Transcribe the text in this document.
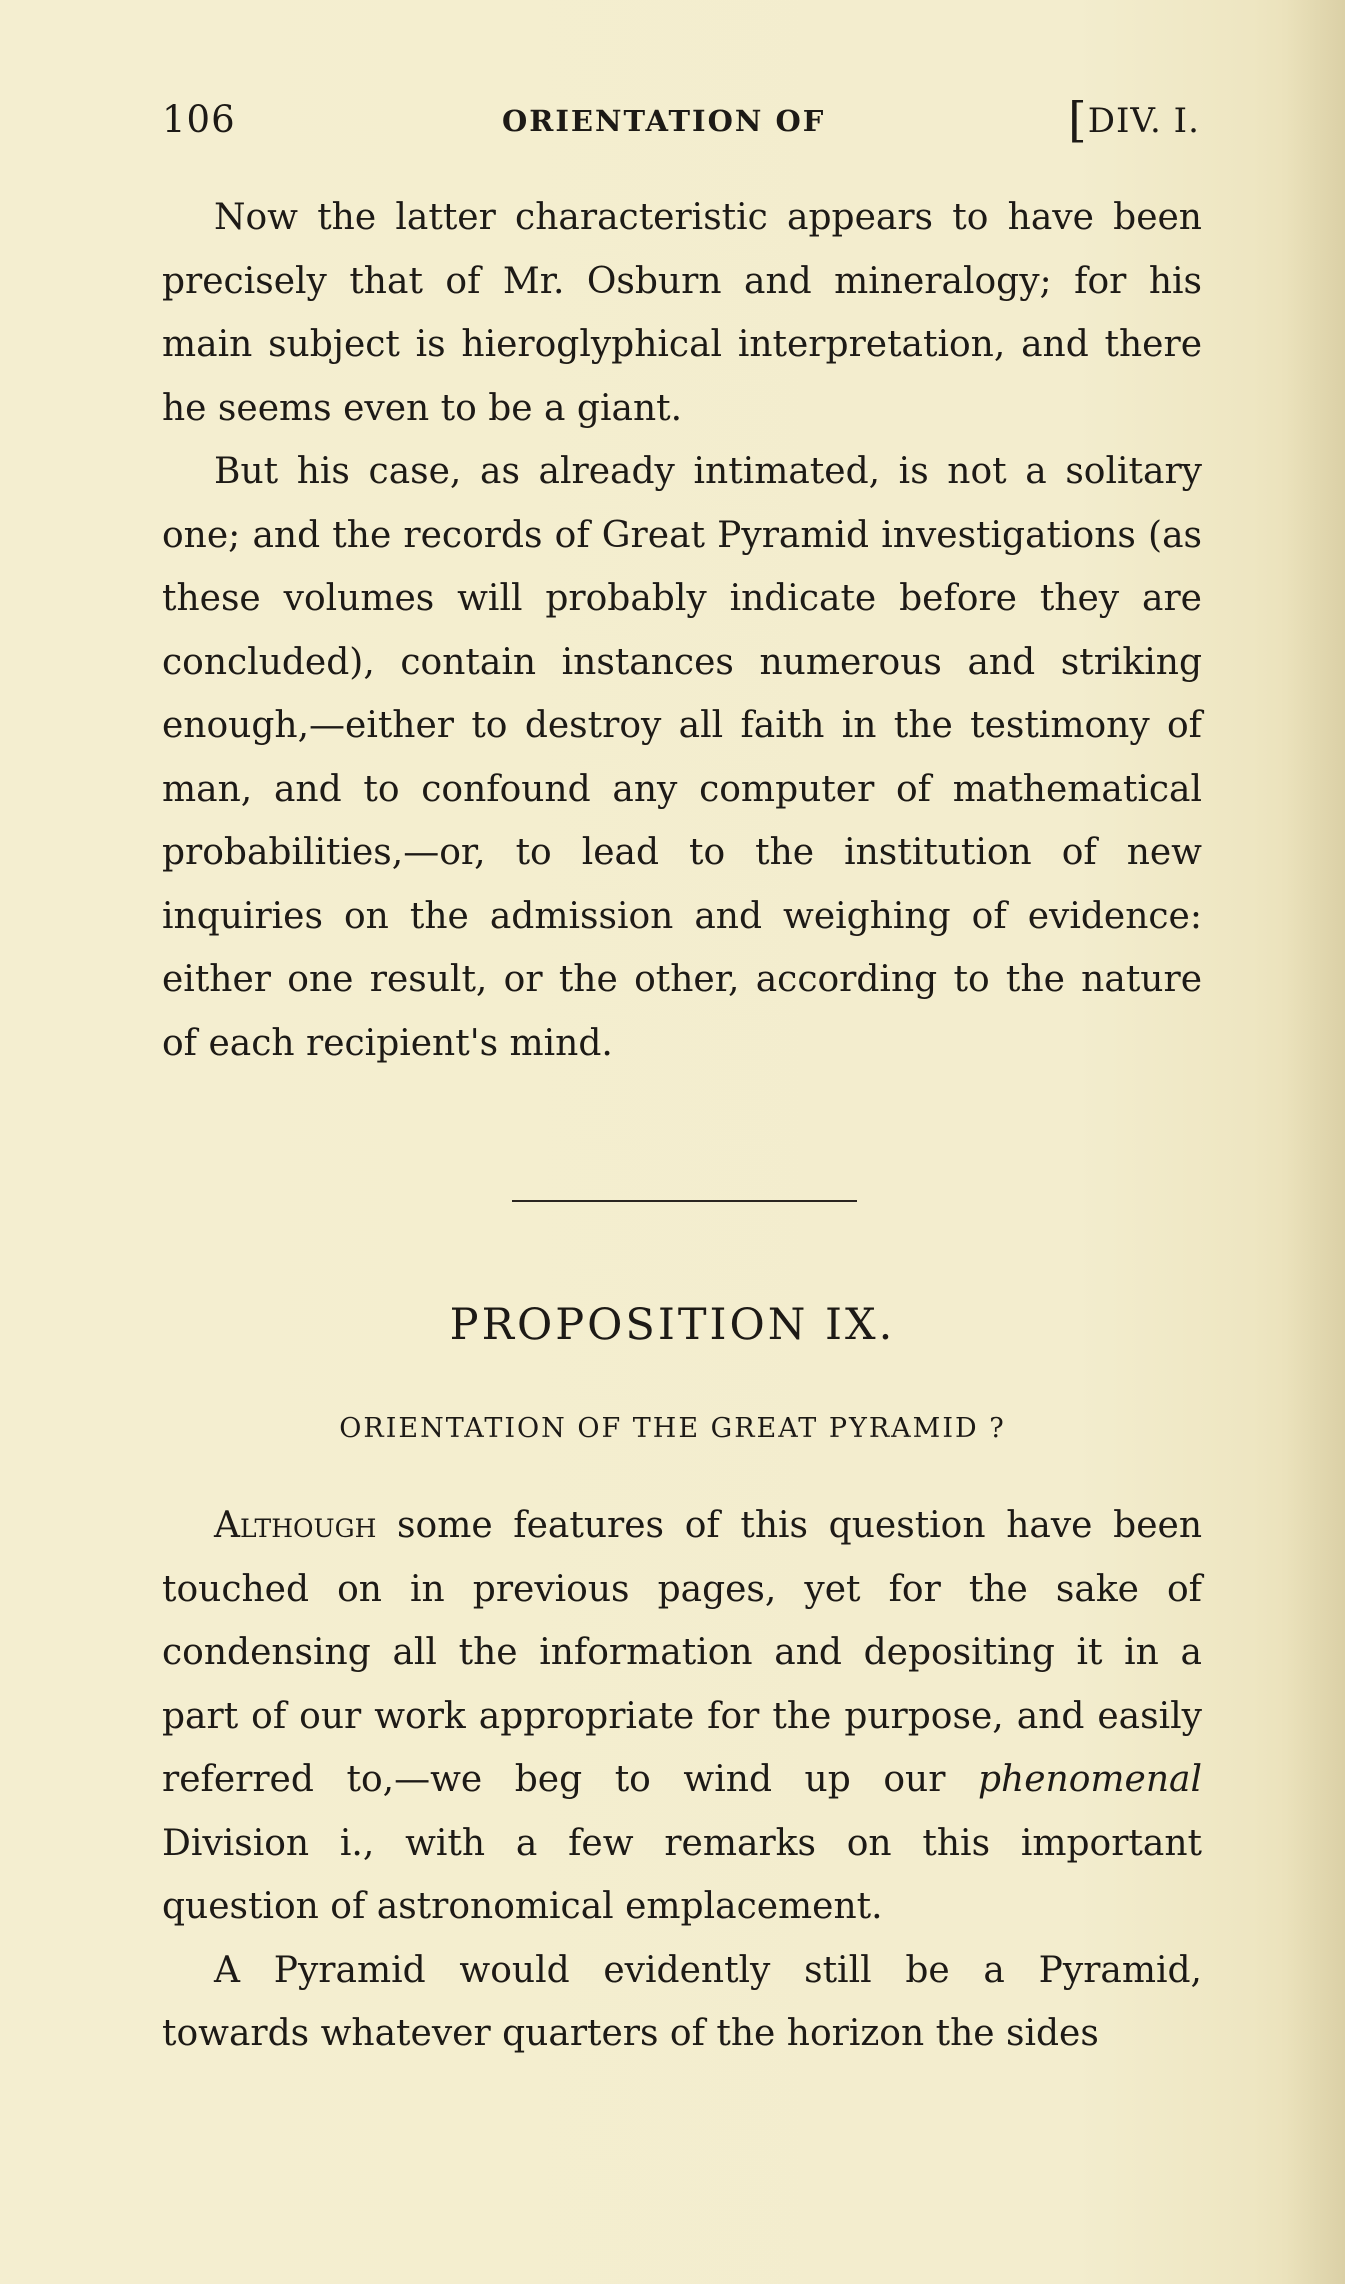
106	ORIENTATION OF	[DIV. I.

Now the latter characteristic appears to have been precisely that of Mr. Osburn and mineralogy; for his main subject is hieroglyphical interpretation, and there he seems even to be a giant.

But his case, as already intimated, is not a solitary one; and the records of Great Pyramid investigations (as these volumes will probably indicate before they are concluded), contain instances numerous and striking enough,—either to destroy all faith in the testimony of man, and to confound any computer of mathematical probabilities,—or, to lead to the institution of new inquiries on the admission and weighing of evidence: either one result, or the other, according to the nature of each recipient's mind.

PROPOSITION IX.
ORIENTATION OF THE GREAT PYRAMID ?

Although some features of this question have been touched on in previous pages, yet for the sake of condensing all the information and depositing it in a part of our work appropriate for the purpose, and easily referred to,—we beg to wind up our phenomenal Division i., with a few remarks on this important question of astronomical emplacement.

A Pyramid would evidently still be a Pyramid, towards whatever quarters of the horizon the sides
